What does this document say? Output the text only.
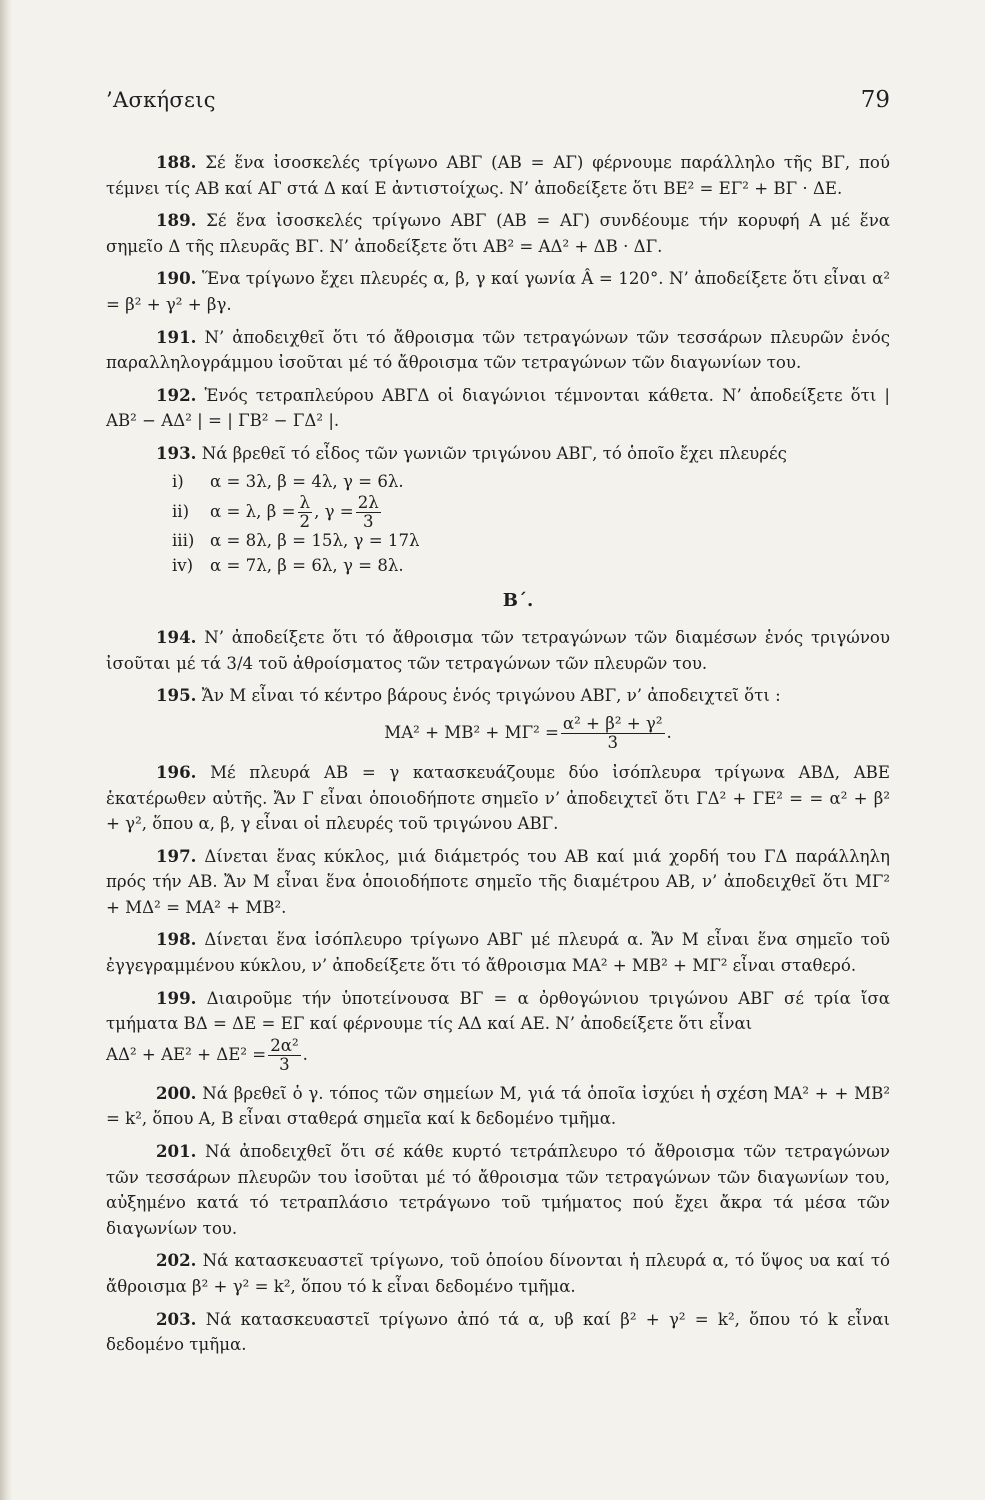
’Ασκήσεις	79

188. Σέ ἕνα ἰσοσκελές τρίγωνο ΑΒΓ (ΑΒ = ΑΓ) φέρνουμε παράλληλο τῆς ΒΓ, πού τέμνει τίς ΑΒ καί ΑΓ στά Δ καί Ε ἀντιστοίχως. Ν’ ἀποδείξετε ὅτι ΒΕ² = ΕΓ² + ΒΓ · ΔΕ.

189. Σέ ἕνα ἰσοσκελές τρίγωνο ΑΒΓ (ΑΒ = ΑΓ) συνδέουμε τήν κορυφή Α μέ ἕνα σημεῖο Δ τῆς πλευρᾶς ΒΓ. Ν’ ἀποδείξετε ὅτι ΑΒ² = ΑΔ² + ΔΒ · ΔΓ.

190. Ἕνα τρίγωνο ἔχει πλευρές α, β, γ καί γωνία Â = 120°. Ν’ ἀποδείξετε ὅτι εἶναι α² = β² + γ² + βγ.

191. Ν’ ἀποδειχθεῖ ὅτι τό ἄθροισμα τῶν τετραγώνων τῶν τεσσάρων πλευρῶν ἑνός παραλληλογράμμου ἰσοῦται μέ τό ἄθροισμα τῶν τετραγώνων τῶν διαγωνίων του.

192. Ἑνός τετραπλεύρου ΑΒΓΔ οἱ διαγώνιοι τέμνονται κάθετα. Ν’ ἀποδείξετε ὅτι | ΑΒ² − ΑΔ² | = | ΓΒ² − ΓΔ² |.

193. Νά βρεθεῖ τό εἶδος τῶν γωνιῶν τριγώνου ΑΒΓ, τό ὁποῖο ἔχει πλευρές

i) α = 3λ, β = 4λ, γ = 6λ.
ii) α = λ, $\beta = \frac{\lambda}{2}$ , $\gamma = \frac{2\lambda}{3}$
iii) α = 8λ, β = 15λ, γ = 17λ
iv) α = 7λ, β = 6λ, γ = 8λ.
Β΄.

194. Ν’ ἀποδείξετε ὅτι τό ἄθροισμα τῶν τετραγώνων τῶν διαμέσων ἑνός τριγώνου ἰσοῦται μέ τά 3/4 τοῦ ἀθροίσματος τῶν τετραγώνων τῶν πλευρῶν του.

195. Ἄν Μ εἶναι τό κέντρο βάρους ἑνός τριγώνου ΑΒΓ, ν’ ἀποδειχτεῖ ὅτι :

$MA^2 + MB^2 + M\Gamma^2 = \frac{\text{α² + β² + γ²}}{3}$ .

196. Μέ πλευρά ΑΒ = γ κατασκευάζουμε δύο ἰσόπλευρα τρίγωνα ΑΒΔ, ΑΒΕ ἑκατέρωθεν αὐτῆς. Ἄν Γ εἶναι ὁποιοδήποτε σημεῖο ν’ ἀποδειχτεῖ ὅτι ΓΔ² + ΓΕ² = = α² + β² + γ², ὅπου α, β, γ εἶναι οἱ πλευρές τοῦ τριγώνου ΑΒΓ.

197. Δίνεται ἕνας κύκλος, μιά διάμετρός του ΑΒ καί μιά χορδή του ΓΔ παράλληλη πρός τήν ΑΒ. Ἄν Μ εἶναι ἕνα ὁποιοδήποτε σημεῖο τῆς διαμέτρου ΑΒ, ν’ ἀποδειχθεῖ ὅτι ΜΓ² + ΜΔ² = ΜΑ² + ΜΒ².

198. Δίνεται ἕνα ἰσόπλευρο τρίγωνο ΑΒΓ μέ πλευρά α. Ἄν Μ εἶναι ἕνα σημεῖο τοῦ ἐγγεγραμμένου κύκλου, ν’ ἀποδείξετε ὅτι τό ἄθροισμα ΜΑ² + ΜΒ² + ΜΓ² εἶναι σταθερό.

199. Διαιροῦμε τήν ὑποτείνουσα ΒΓ = α ὀρθογώνιου τριγώνου ΑΒΓ σέ τρία ἴσα τμήματα ΒΔ = ΔΕ = ΕΓ καί φέρνουμε τίς ΑΔ καί ΑΕ. Ν’ ἀποδείξετε ὅτι εἶναι

$A\Delta^2 + AE^2 + \Delta E^2 = \frac{\text{2α²}}{3}$ .

200. Νά βρεθεῖ ὁ γ. τόπος τῶν σημείων Μ, γιά τά ὁποῖα ἰσχύει ἡ σχέση ΜΑ² + + ΜΒ² = k², ὅπου Α, Β εἶναι σταθερά σημεῖα καί k δεδομένο τμῆμα.

201. Νά ἀποδειχθεῖ ὅτι σέ κάθε κυρτό τετράπλευρο τό ἄθροισμα τῶν τετραγώνων τῶν τεσσάρων πλευρῶν του ἰσοῦται μέ τό ἄθροισμα τῶν τετραγώνων τῶν διαγωνίων του, αὐξημένο κατά τό τετραπλάσιο τετράγωνο τοῦ τμήματος πού ἔχει ἄκρα τά μέσα τῶν διαγωνίων του.

202. Νά κατασκευαστεῖ τρίγωνο, τοῦ ὁποίου δίνονται ἡ πλευρά α, τό ὕψος υα καί τό ἄθροισμα β² + γ² = k², ὅπου τό k εἶναι δεδομένο τμῆμα.

203. Νά κατασκευαστεῖ τρίγωνο ἀπό τά α, υβ καί β² + γ² = k², ὅπου τό k εἶναι δεδομένο τμῆμα.
